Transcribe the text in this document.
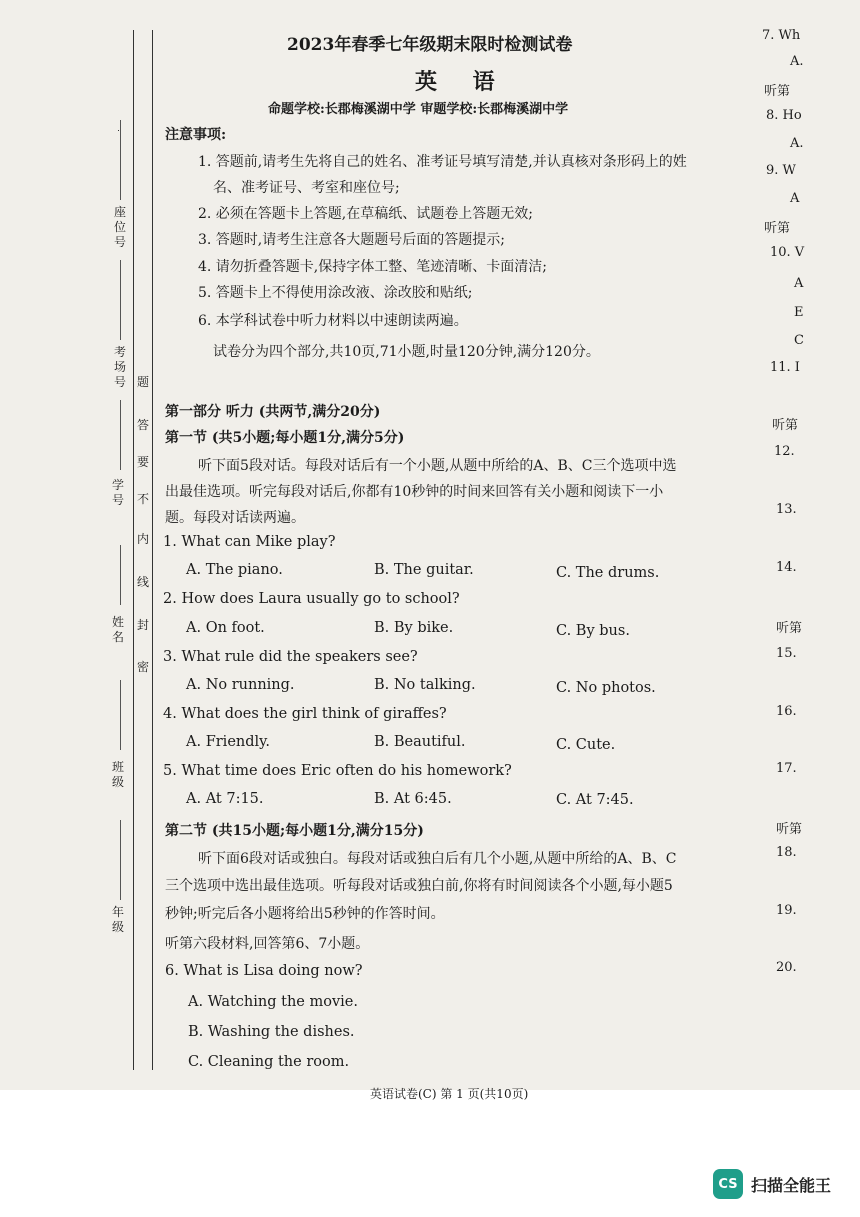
座位号
考场号
学号
姓名
班级
年级
题
答
要
不
内
线
封
密
2023年春季七年级期末限时检测试卷
英 语
命题学校:长郡梅溪湖中学 审题学校:长郡梅溪湖中学
注意事项:
1. 答题前,请考生先将自己的姓名、准考证号填写清楚,并认真核对条形码上的姓
名、准考证号、考室和座位号;
2. 必须在答题卡上答题,在草稿纸、试题卷上答题无效;
3. 答题时,请考生注意各大题题号后面的答题提示;
4. 请勿折叠答题卡,保持字体工整、笔迹清晰、卡面清洁;
5. 答题卡上不得使用涂改液、涂改胶和贴纸;
6. 本学科试卷中听力材料以中速朗读两遍。
试卷分为四个部分,共10页,71小题,时量120分钟,满分120分。
第一部分 听力 (共两节,满分20分)
第一节 (共5小题;每小题1分,满分5分)
听下面5段对话。每段对话后有一个小题,从题中所给的A、B、C三个选项中选
出最佳选项。听完每段对话后,你都有10秒钟的时间来回答有关小题和阅读下一小
题。每段对话读两遍。
1. What can Mike play?
A. The piano.	B. The guitar.	C. The drums.
2. How does Laura usually go to school?
A. On foot.	B. By bike.	C. By bus.
3. What rule did the speakers see?
A. No running.	B. No talking.	C. No photos.
4. What does the girl think of giraffes?
A. Friendly.	B. Beautiful.	C. Cute.
5. What time does Eric often do his homework?
A. At 7:15.	B. At 6:45.	C. At 7:45.
第二节 (共15小题;每小题1分,满分15分)
听下面6段对话或独白。每段对话或独白后有几个小题,从题中所给的A、B、C
三个选项中选出最佳选项。听每段对话或独白前,你将有时间阅读各个小题,每小题5
秒钟;听完后各小题将给出5秒钟的作答时间。
听第六段材料,回答第6、7小题。
6. What is Lisa doing now?
A. Watching the movie.
B. Washing the dishes.
C. Cleaning the room.
英语试卷(C) 第 1 页(共10页)
7. Wh
A.
听第
8. Ho
A.
9. W
A
听第
10. V
A
E
C
11. I
听第
12.
13.
14.
听第
15.
16.
17.
听第
18.
19.
20.
CS 扫描全能王
